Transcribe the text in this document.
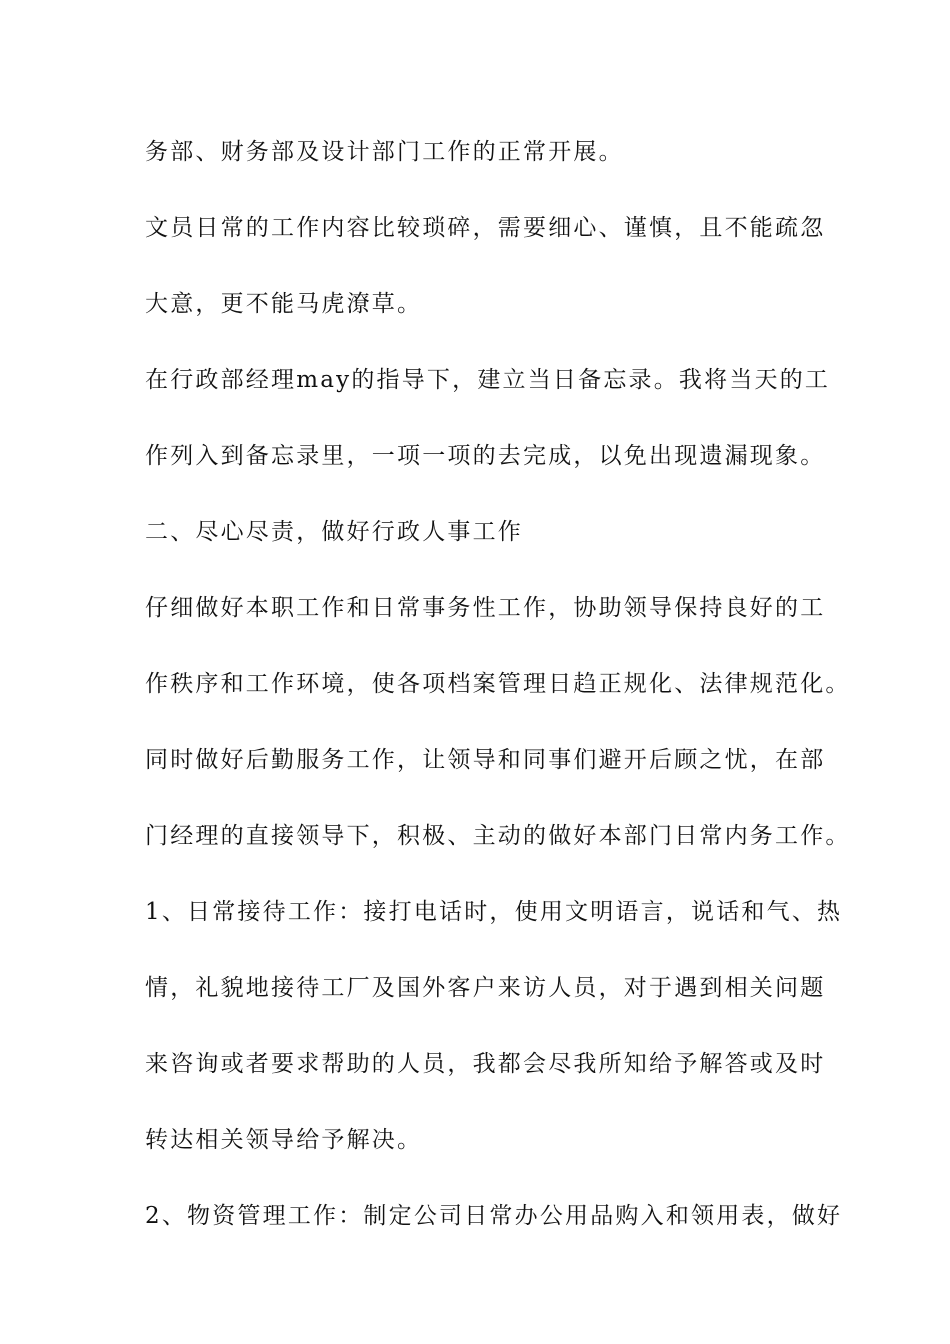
务部、财务部及设计部门工作的正常开展。
文员日常的工作内容比较琐碎，需要细心、谨慎，且不能疏忽
大意，更不能马虎潦草。
在行政部经理may的指导下，建立当日备忘录。我将当天的工
作列入到备忘录里，一项一项的去完成，以免出现遗漏现象。
二、尽心尽责，做好行政人事工作
仔细做好本职工作和日常事务性工作，协助领导保持良好的工
作秩序和工作环境，使各项档案管理日趋正规化、法律规范化。
同时做好后勤服务工作，让领导和同事们避开后顾之忧，在部
门经理的直接领导下，积极、主动的做好本部门日常内务工作。
1、日常接待工作：接打电话时，使用文明语言，说话和气、热
情，礼貌地接待工厂及国外客户来访人员，对于遇到相关问题
来咨询或者要求帮助的人员，我都会尽我所知给予解答或及时
转达相关领导给予解决。
2、物资管理工作：制定公司日常办公用品购入和领用表，做好
